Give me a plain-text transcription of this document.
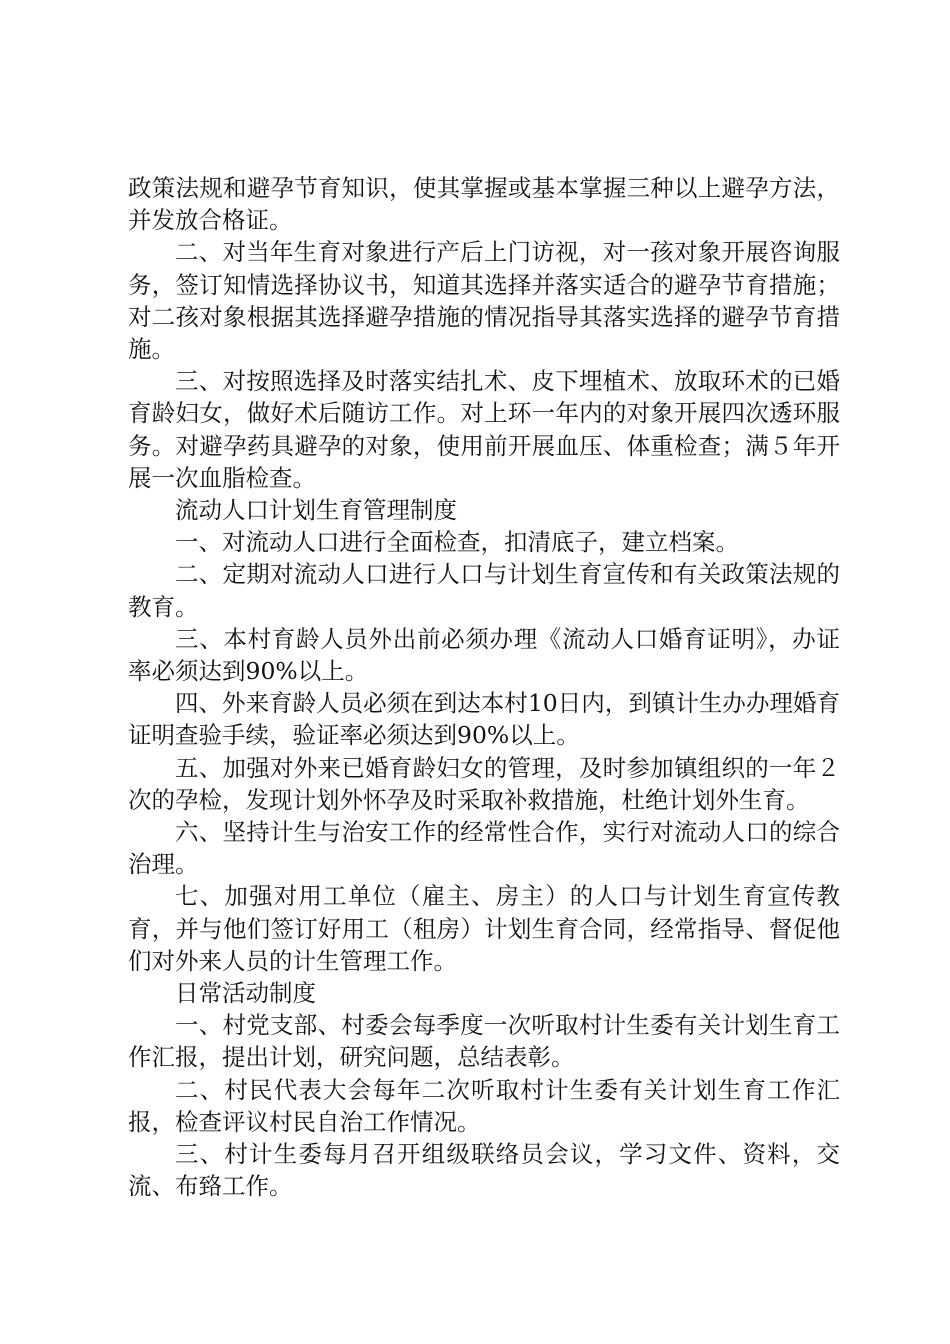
政策法规和避孕节育知识，使其掌握或基本掌握三种以上避孕方法，并发放合格证。

二、对当年生育对象进行产后上门访视，对一孩对象开展咨询服务，签订知情选择协议书，知道其选择并落实适合的避孕节育措施；对二孩对象根据其选择避孕措施的情况指导其落实选择的避孕节育措施。

三、对按照选择及时落实结扎术、皮下埋植术、放取环术的已婚育龄妇女，做好术后随访工作。对上环一年内的对象开展四次透环服务。对避孕药具避孕的对象，使用前开展血压、体重检查；满５年开展一次血脂检查。

流动人口计划生育管理制度

一、对流动人口进行全面检查，扣清底子，建立档案。

二、定期对流动人口进行人口与计划生育宣传和有关政策法规的教育。

三、本村育龄人员外出前必须办理《流动人口婚育证明》，办证率必须达到90%以上。

四、外来育龄人员必须在到达本村10日内，到镇计生办办理婚育证明查验手续，验证率必须达到90%以上。

五、加强对外来已婚育龄妇女的管理，及时参加镇组织的一年２次的孕检，发现计划外怀孕及时采取补救措施，杜绝计划外生育。

六、坚持计生与治安工作的经常性合作，实行对流动人口的综合治理。

七、加强对用工单位（雇主、房主）的人口与计划生育宣传教育，并与他们签订好用工（租房）计划生育合同，经常指导、督促他们对外来人员的计生管理工作。

日常活动制度

一、村党支部、村委会每季度一次听取村计生委有关计划生育工作汇报，提出计划，研究问题，总结表彰。

二、村民代表大会每年二次听取村计生委有关计划生育工作汇报，检查评议村民自治工作情况。

三、村计生委每月召开组级联络员会议，学习文件、资料，交流、布臵工作。
